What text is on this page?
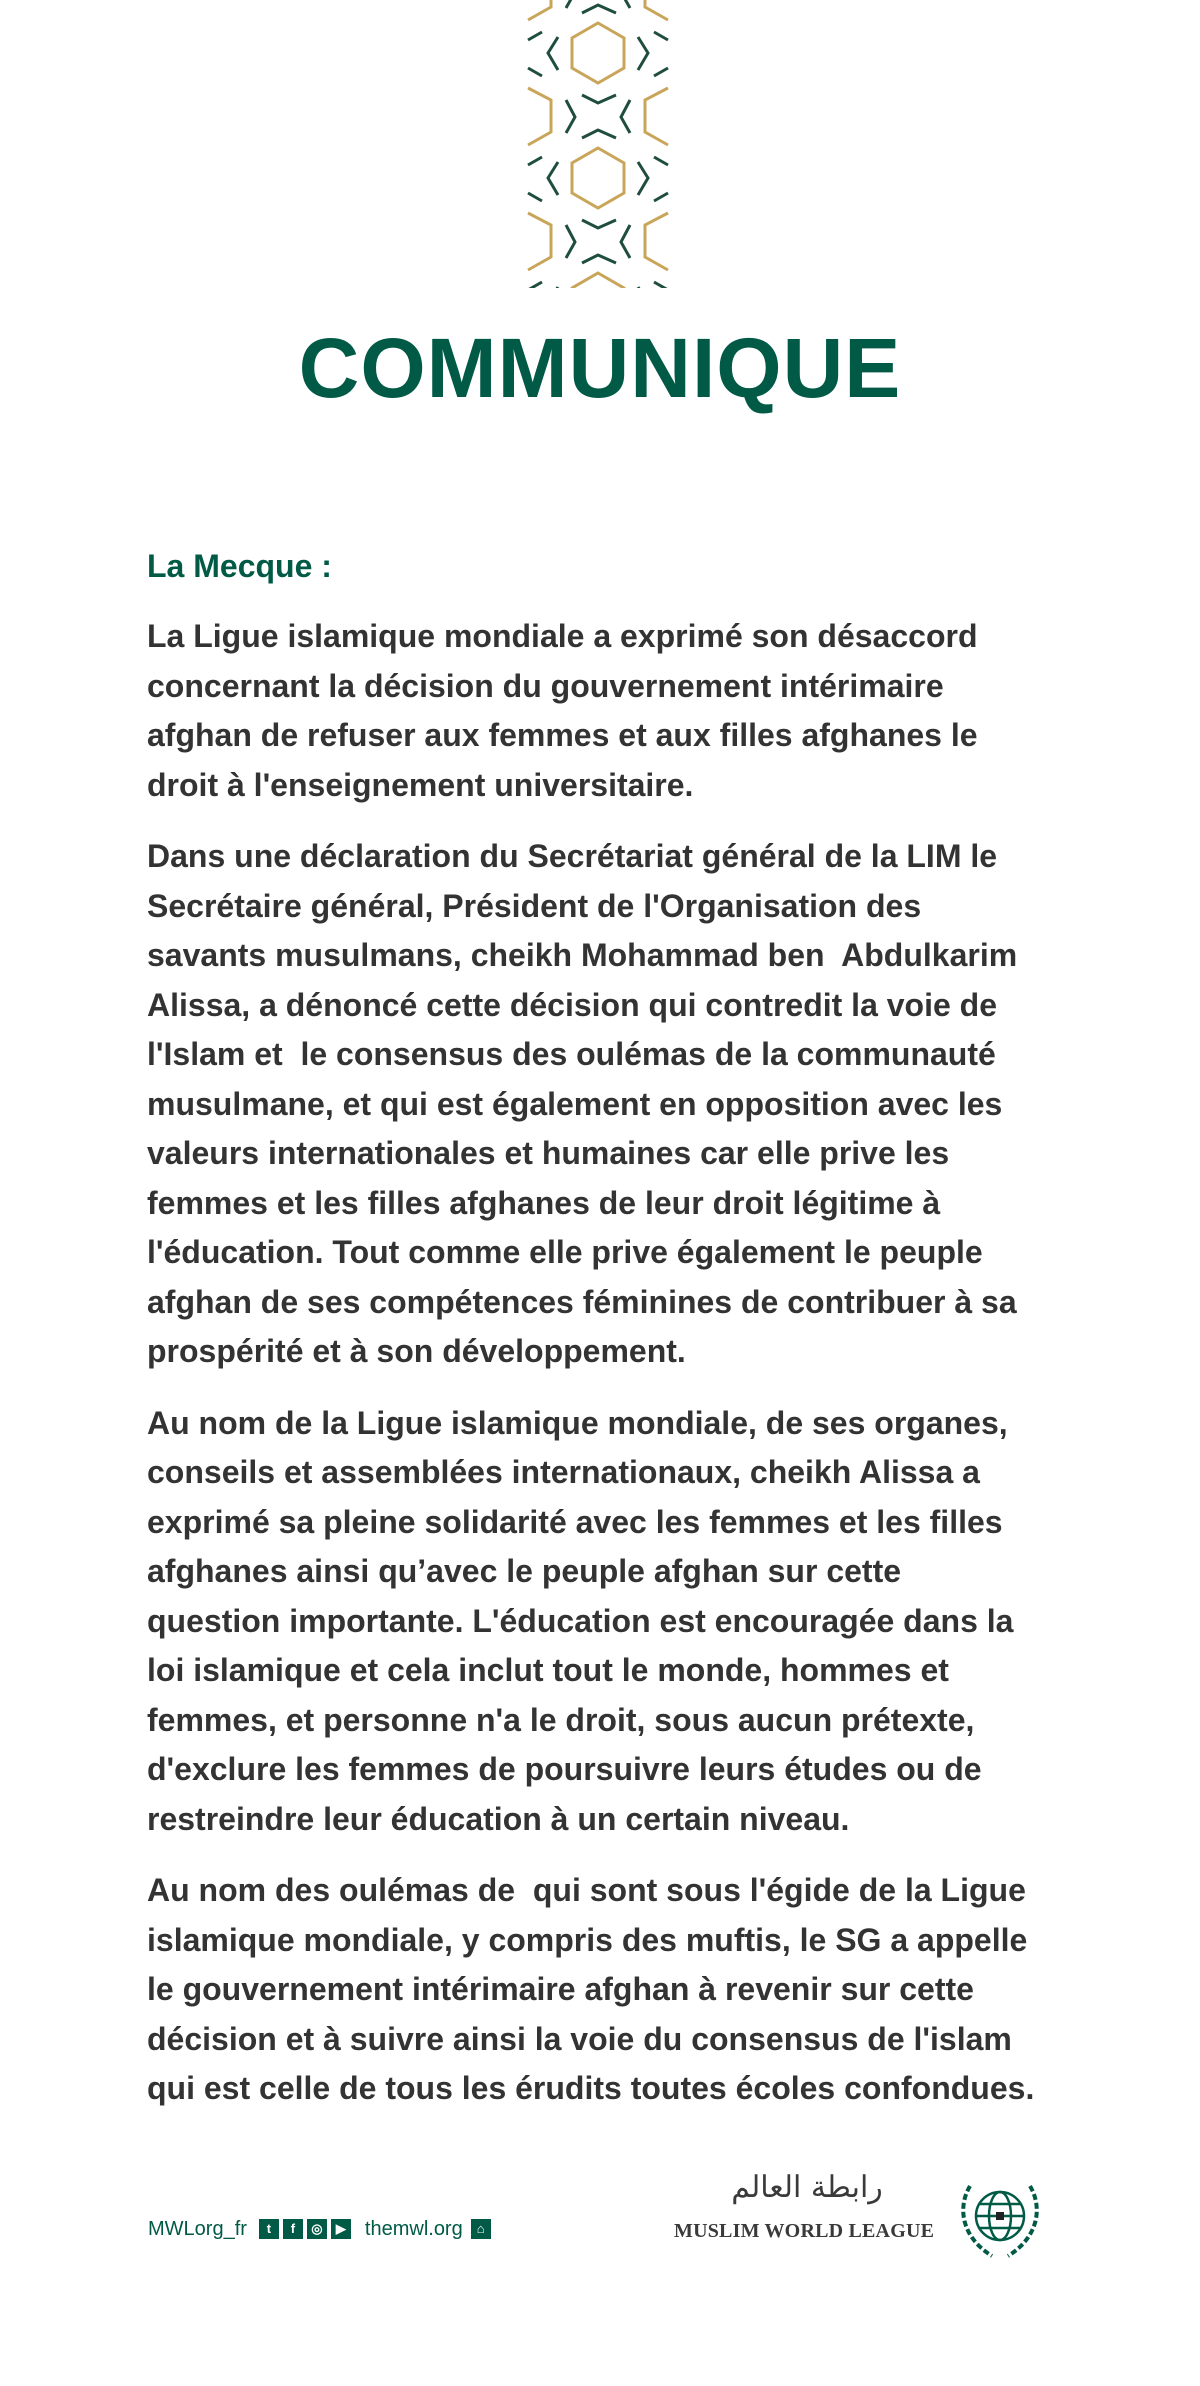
COMMUNIQUE
La Mecque :

La Ligue islamique mondiale a exprimé son désaccord
concernant la décision du gouvernement intérimaire
afghan de refuser aux femmes et aux filles afghanes le
droit à l'enseignement universitaire.

Dans une déclaration du Secrétariat général de la LIM le
Secrétaire général, Président de l'Organisation des
savants musulmans, cheikh Mohammad ben  Abdulkarim
Alissa, a dénoncé cette décision qui contredit la voie de
l'Islam et  le consensus des oulémas de la communauté
musulmane, et qui est également en opposition avec les
valeurs internationales et humaines car elle prive les
femmes et les filles afghanes de leur droit légitime à
l'éducation. Tout comme elle prive également le peuple
afghan de ses compétences féminines de contribuer à sa
prospérité et à son développement.

Au nom de la Ligue islamique mondiale, de ses organes,
conseils et assemblées internationaux, cheikh Alissa a
exprimé sa pleine solidarité avec les femmes et les filles
afghanes ainsi qu’avec le peuple afghan sur cette
question importante. L'éducation est encouragée dans la
loi islamique et cela inclut tout le monde, hommes et
femmes, et personne n'a le droit, sous aucun prétexte,
d'exclure les femmes de poursuivre leurs études ou de
restreindre leur éducation à un certain niveau.

Au nom des oulémas de  qui sont sous l'égide de la Ligue
islamique mondiale, y compris des muftis, le SG a appelle
le gouvernement intérimaire afghan à revenir sur cette
décision et à suivre ainsi la voie du consensus de l'islam
qui est celle de tous les érudits toutes écoles confondues.

MWLorg_fr	t	f	◎	▶ themwl.org	⌂
رابطة العالم
MUSLIM WORLD LEAGUE
